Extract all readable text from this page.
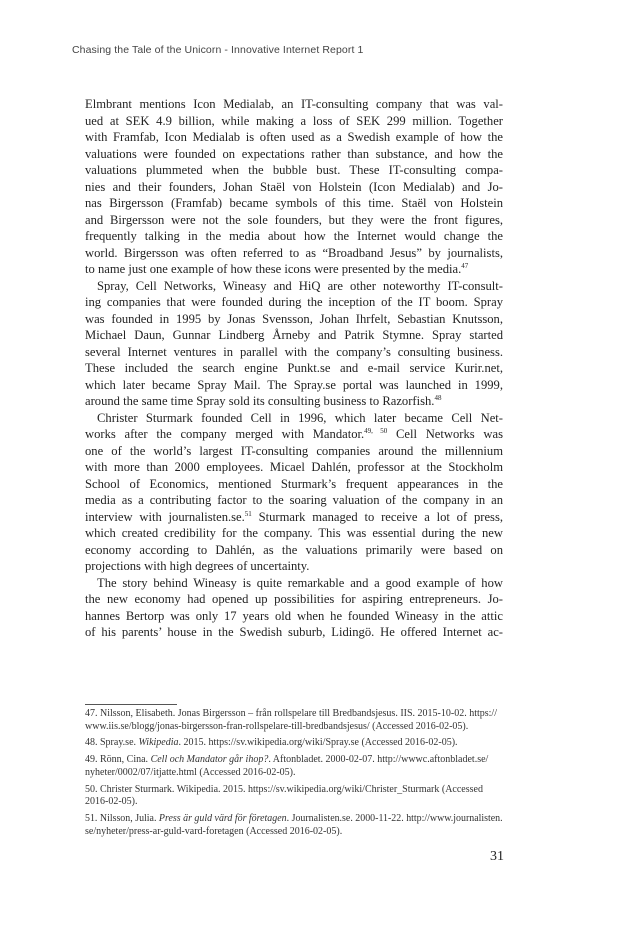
Chasing the Tale of the Unicorn - Innovative Internet Report 1
Elmbrant mentions Icon Medialab, an IT-consulting company that was val-
ued at SEK 4.9 billion, while making a loss of SEK 299 million. Together
with Framfab, Icon Medialab is often used as a Swedish example of how the
valuations were founded on expectations rather than substance, and how the
valuations plummeted when the bubble bust. These IT-consulting compa-
nies and their founders, Johan Staël von Holstein (Icon Medialab) and Jo-
nas Birgersson (Framfab) became symbols of this time. Staël von Holstein
and Birgersson were not the sole founders, but they were the front figures,
frequently talking in the media about how the Internet would change the
world. Birgersson was often referred to as “Broadband Jesus” by journalists,
to name just one example of how these icons were presented by the media.$^{47}$
Spray, Cell Networks, Wineasy and HiQ are other noteworthy IT-consult-
ing companies that were founded during the inception of the IT boom. Spray
was founded in 1995 by Jonas Svensson, Johan Ihrfelt, Sebastian Knutsson,
Michael Daun, Gunnar Lindberg Årneby and Patrik Stymne. Spray started
several Internet ventures in parallel with the company’s consulting business.
These included the search engine Punkt.se and e-mail service Kurir.net,
which later became Spray Mail. The Spray.se portal was launched in 1999,
around the same time Spray sold its consulting business to Razorfish.$^{48}$
Christer Sturmark founded Cell in 1996, which later became Cell Net-
works after the company merged with Mandator.$^{49, 50}$ Cell Networks was
one of the world’s largest IT-consulting companies around the millennium
with more than 2000 employees. Micael Dahlén, professor at the Stockholm
School of Economics, mentioned Sturmark’s frequent appearances in the
media as a contributing factor to the soaring valuation of the company in an
interview with journalisten.se.$^{51}$ Sturmark managed to receive a lot of press,
which created credibility for the company. This was essential during the new
economy according to Dahlén, as the valuations primarily were based on
projections with high degrees of uncertainty.
The story behind Wineasy is quite remarkable and a good example of how
the new economy had opened up possibilities for aspiring entrepreneurs. Jo-
hannes Bertorp was only 17 years old when he founded Wineasy in the attic
of his parents’ house in the Swedish suburb, Lidingö. He offered Internet ac-
47. Nilsson, Elisabeth. Jonas Birgersson – från rollspelare till Bredbandsjesus. IIS. 2015-10-02. https://
www.iis.se/blogg/jonas-birgersson-fran-rollspelare-till-bredbandsjesus/ (Accessed 2016-02-05).
48. Spray.se. Wikipedia. 2015. https://sv.wikipedia.org/wiki/Spray.se (Accessed 2016-02-05).
49. Rönn, Cina. Cell och Mandator går ihop?. Aftonbladet. 2000-02-07. http://wwwc.aftonbladet.se/
nyheter/0002/07/itjatte.html (Accessed 2016-02-05).
50. Christer Sturmark. Wikipedia. 2015. https://sv.wikipedia.org/wiki/Christer_Sturmark (Accessed
2016-02-05).
51. Nilsson, Julia. Press är guld värd för företagen. Journalisten.se. 2000-11-22. http://www.journalisten.
se/nyheter/press-ar-guld-vard-foretagen (Accessed 2016-02-05).
31
